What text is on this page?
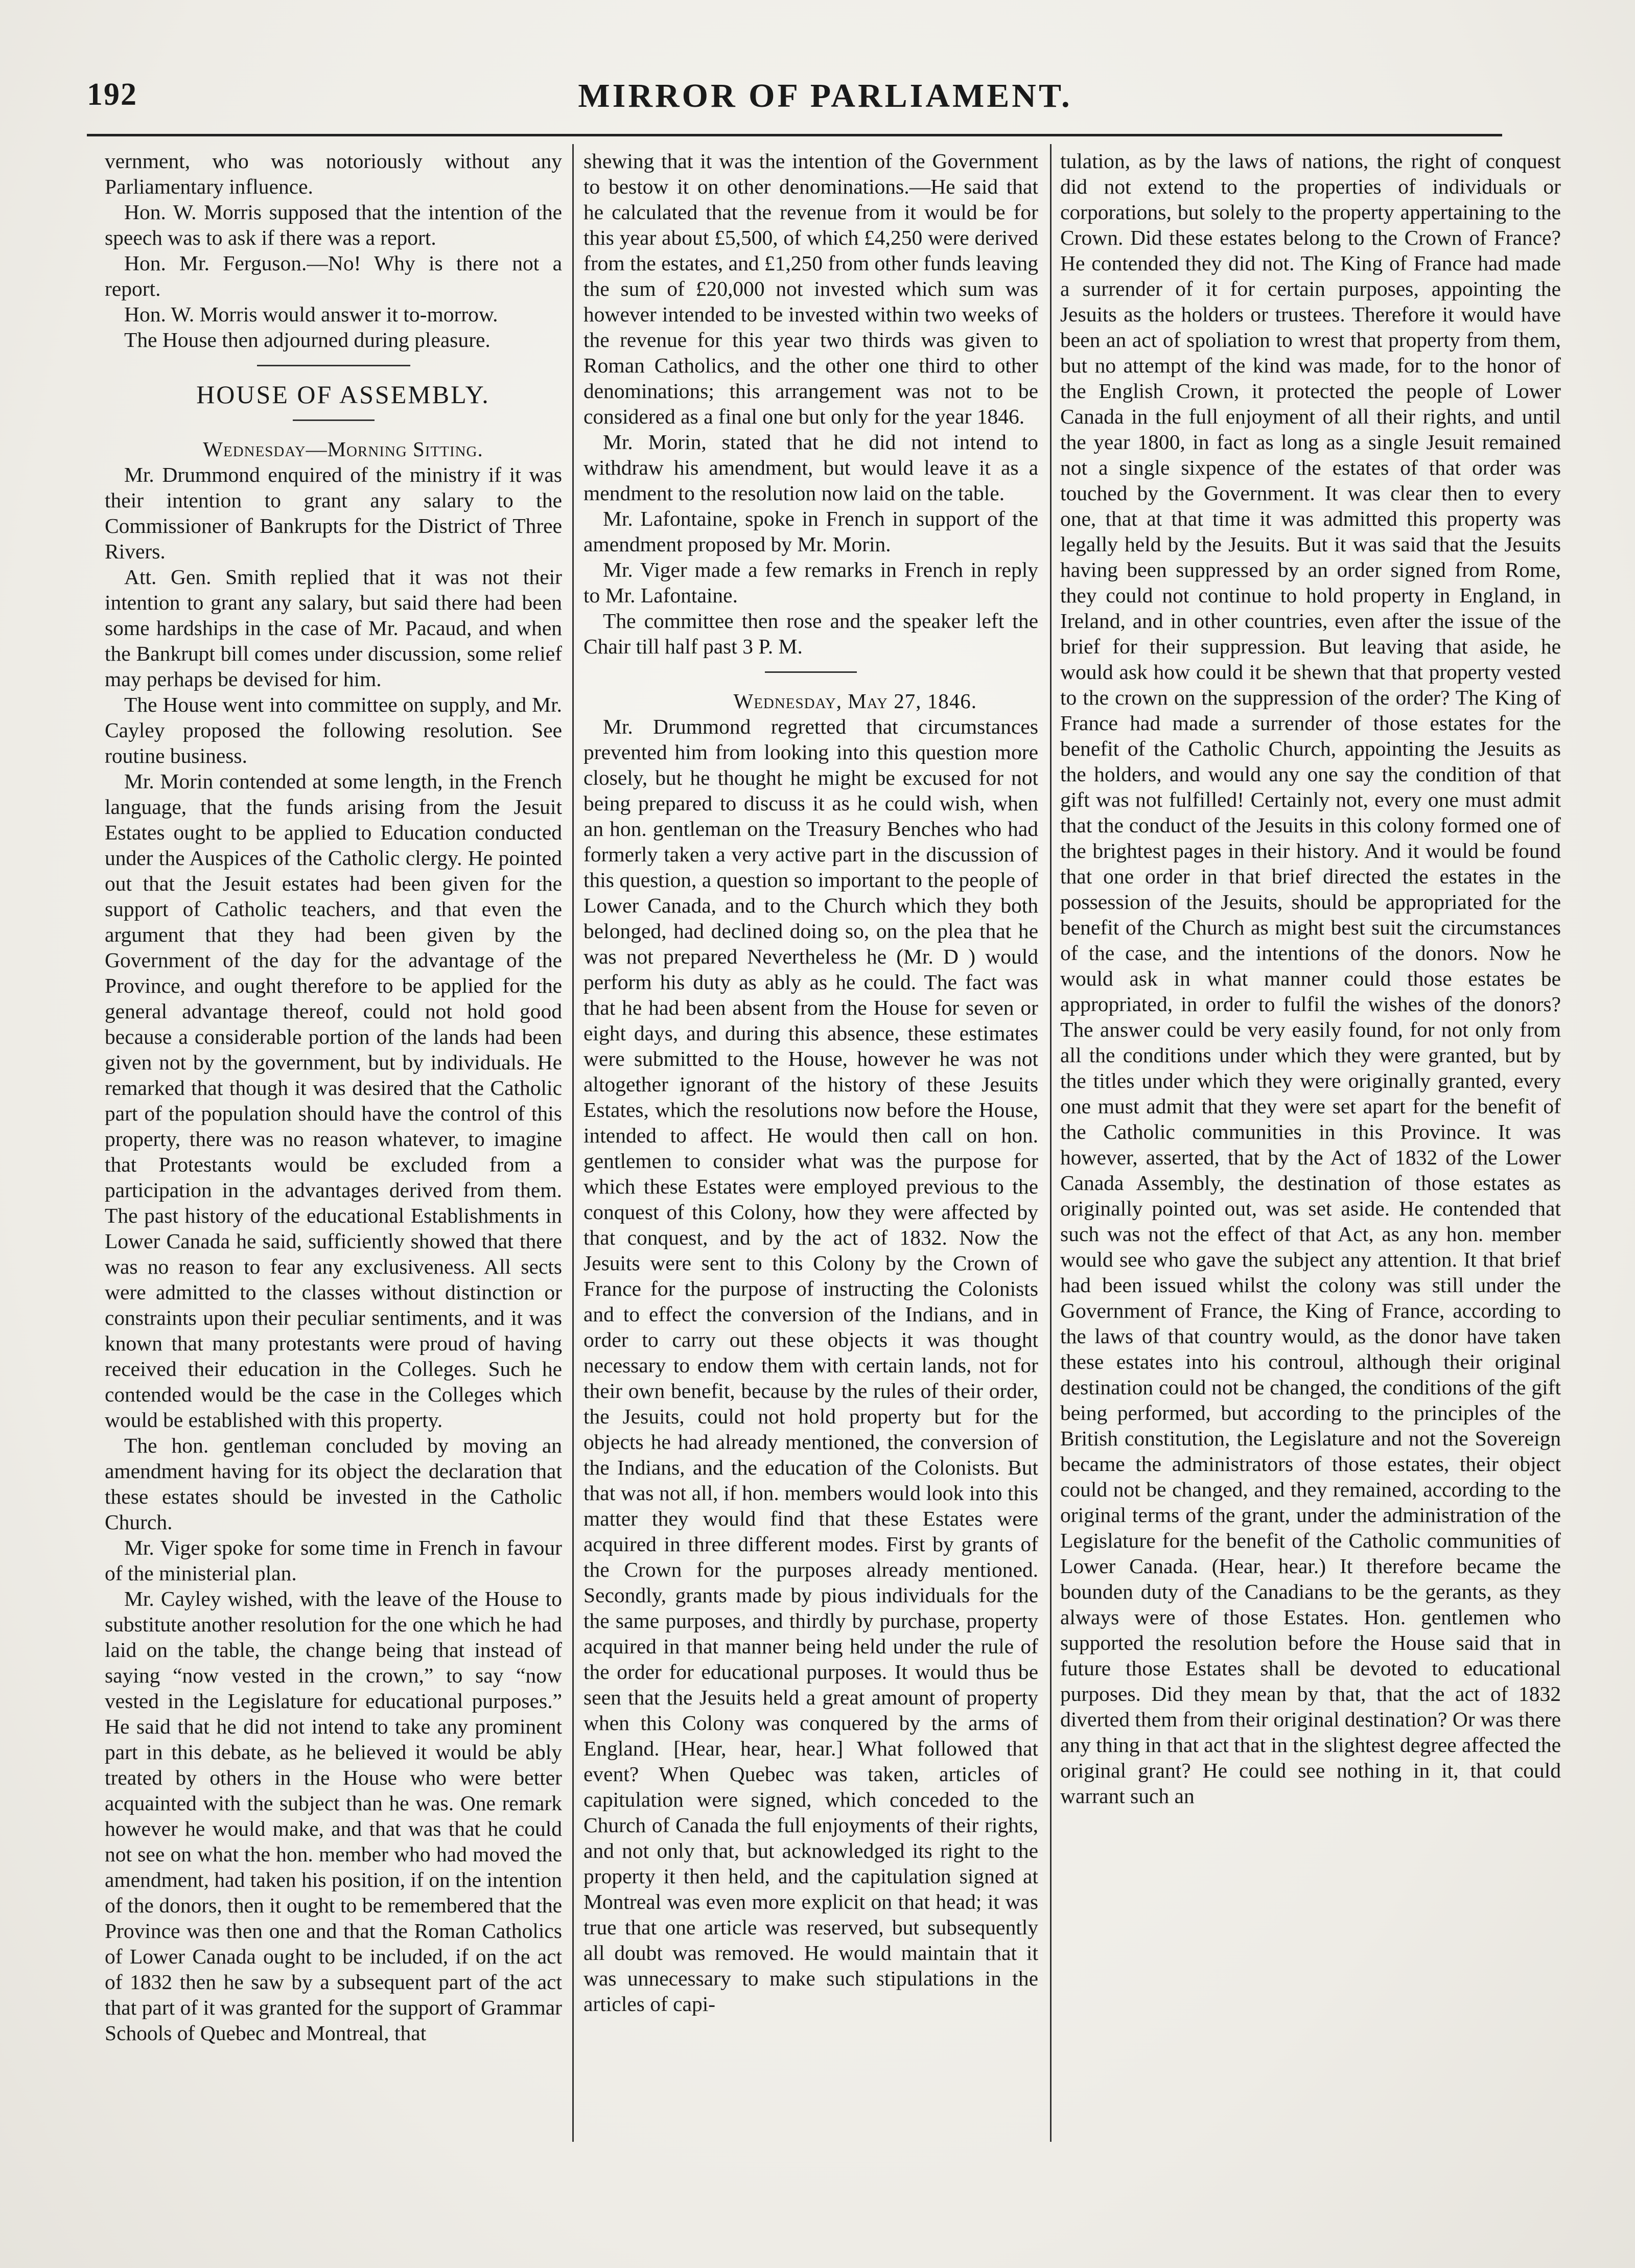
192	MIRROR OF PARLIAMENT.

vernment, who was notoriously without any Parliamentary influence.

Hon. W. Morris supposed that the intention of the speech was to ask if there was a report.

Hon. Mr. Ferguson.—No! Why is there not a report.

Hon. W. Morris would answer it to-morrow.

The House then adjourned during pleasure.

HOUSE OF ASSEMBLY.

Wednesday—Morning Sitting.

Mr. Drummond enquired of the ministry if it was their intention to grant any salary to the Commissioner of Bankrupts for the District of Three Rivers.

Att. Gen. Smith replied that it was not their intention to grant any salary, but said there had been some hardships in the case of Mr. Pacaud, and when the Bankrupt bill comes under discussion, some relief may perhaps be devised for him.

The House went into committee on supply, and Mr. Cayley proposed the following resolution. See routine business.

Mr. Morin contended at some length, in the French language, that the funds arising from the Jesuit Estates ought to be applied to Education conducted under the Auspices of the Catholic clergy. He pointed out that the Jesuit estates had been given for the support of Catholic teachers, and that even the argument that they had been given by the Government of the day for the advantage of the Province, and ought therefore to be applied for the general advantage thereof, could not hold good because a considerable portion of the lands had been given not by the government, but by individuals. He remarked that though it was desired that the Catholic part of the population should have the control of this property, there was no reason whatever, to imagine that Protestants would be excluded from a participation in the advantages derived from them. The past history of the educational Establishments in Lower Canada he said, sufficiently showed that there was no reason to fear any exclusiveness. All sects were admitted to the classes without distinction or constraints upon their peculiar sentiments, and it was known that many protestants were proud of having received their education in the Colleges. Such he contended would be the case in the Colleges which would be established with this property.

The hon. gentleman concluded by moving an amendment having for its object the declaration that these estates should be invested in the Catholic Church.

Mr. Viger spoke for some time in French in favour of the ministerial plan.

Mr. Cayley wished, with the leave of the House to substitute another resolution for the one which he had laid on the table, the change being that instead of saying “now vested in the crown,” to say “now vested in the Legislature for educational purposes.” He said that he did not intend to take any prominent part in this debate, as he believed it would be ably treated by others in the House who were better acquainted with the subject than he was. One remark however he would make, and that was that he could not see on what the hon. member who had moved the amendment, had taken his position, if on the intention of the donors, then it ought to be remembered that the Province was then one and that the Roman Catholics of Lower Canada ought to be included, if on the act of 1832 then he saw by a subsequent part of the act that part of it was granted for the support of Grammar Schools of Quebec and Montreal, that

shewing that it was the intention of the Government to bestow it on other denominations.—He said that he calculated that the revenue from it would be for this year about £5,500, of which £4,250 were derived from the estates, and £1,250 from other funds leaving the sum of £20,000 not invested which sum was however intended to be invested within two weeks of the revenue for this year two thirds was given to Roman Catholics, and the other one third to other denominations; this arrangement was not to be considered as a final one but only for the year 1846.

Mr. Morin, stated that he did not intend to withdraw his amendment, but would leave it as a mendment to the resolution now laid on the table.

Mr. Lafontaine, spoke in French in support of the amendment proposed by Mr. Morin.

Mr. Viger made a few remarks in French in reply to Mr. Lafontaine.

The committee then rose and the speaker left the Chair till half past 3 P. M.

Wednesday, May 27, 1846.

Mr. Drummond regretted that circumstances prevented him from looking into this question more closely, but he thought he might be excused for not being prepared to discuss it as he could wish, when an hon. gentleman on the Treasury Benches who had formerly taken a very active part in the discussion of this question, a question so important to the people of Lower Canada, and to the Church which they both belonged, had declined doing so, on the plea that he was not prepared Nevertheless he (Mr. D ) would perform his duty as ably as he could. The fact was that he had been absent from the House for seven or eight days, and during this absence, these estimates were submitted to the House, however he was not altogether ignorant of the history of these Jesuits Estates, which the resolutions now before the House, intended to affect. He would then call on hon. gentlemen to consider what was the purpose for which these Estates were employed previous to the conquest of this Colony, how they were affected by that conquest, and by the act of 1832. Now the Jesuits were sent to this Colony by the Crown of France for the purpose of instructing the Colonists and to effect the conversion of the Indians, and in order to carry out these objects it was thought necessary to endow them with certain lands, not for their own benefit, because by the rules of their order, the Jesuits, could not hold property but for the objects he had already mentioned, the conversion of the Indians, and the education of the Colonists. But that was not all, if hon. members would look into this matter they would find that these Estates were acquired in three different modes. First by grants of the Crown for the purposes already mentioned. Secondly, grants made by pious individuals for the the same purposes, and thirdly by purchase, property acquired in that manner being held under the rule of the order for educational purposes. It would thus be seen that the Jesuits held a great amount of property when this Colony was conquered by the arms of England. [Hear, hear, hear.] What followed that event? When Quebec was taken, articles of capitulation were signed, which conceded to the Church of Canada the full enjoyments of their rights, and not only that, but acknowledged its right to the property it then held, and the capitulation signed at Montreal was even more explicit on that head; it was true that one article was reserved, but subsequently all doubt was removed. He would maintain that it was unnecessary to make such stipulations in the articles of capi-

tulation, as by the laws of nations, the right of conquest did not extend to the properties of individuals or corporations, but solely to the property appertaining to the Crown. Did these estates belong to the Crown of France? He contended they did not. The King of France had made a surrender of it for certain purposes, appointing the Jesuits as the holders or trustees. Therefore it would have been an act of spoliation to wrest that property from them, but no attempt of the kind was made, for to the honor of the English Crown, it protected the people of Lower Canada in the full enjoyment of all their rights, and until the year 1800, in fact as long as a single Jesuit remained not a single sixpence of the estates of that order was touched by the Government. It was clear then to every one, that at that time it was admitted this property was legally held by the Jesuits. But it was said that the Jesuits having been suppressed by an order signed from Rome, they could not continue to hold property in England, in Ireland, and in other countries, even after the issue of the brief for their suppression. But leaving that aside, he would ask how could it be shewn that that property vested to the crown on the suppression of the order? The King of France had made a surrender of those estates for the benefit of the Catholic Church, appointing the Jesuits as the holders, and would any one say the condition of that gift was not fulfilled! Certainly not, every one must admit that the conduct of the Jesuits in this colony formed one of the brightest pages in their history. And it would be found that one order in that brief directed the estates in the possession of the Jesuits, should be appropriated for the benefit of the Church as might best suit the circumstances of the case, and the intentions of the donors. Now he would ask in what manner could those estates be appropriated, in order to fulfil the wishes of the donors? The answer could be very easily found, for not only from all the conditions under which they were granted, but by the titles under which they were originally granted, every one must admit that they were set apart for the benefit of the Catholic communities in this Province. It was however, asserted, that by the Act of 1832 of the Lower Canada Assembly, the destination of those estates as originally pointed out, was set aside. He contended that such was not the effect of that Act, as any hon. member would see who gave the subject any attention. It that brief had been issued whilst the colony was still under the Government of France, the King of France, according to the laws of that country would, as the donor have taken these estates into his controul, although their original destination could not be changed, the conditions of the gift being performed, but according to the principles of the British constitution, the Legislature and not the Sovereign became the administrators of those estates, their object could not be changed, and they remained, according to the original terms of the grant, under the administration of the Legislature for the benefit of the Catholic communities of Lower Canada. (Hear, hear.) It therefore became the bounden duty of the Canadians to be the gerants, as they always were of those Estates. Hon. gentlemen who supported the resolution before the House said that in future those Estates shall be devoted to educational purposes. Did they mean by that, that the act of 1832 diverted them from their original destination? Or was there any thing in that act that in the slightest degree affected the original grant? He could see nothing in it, that could warrant such an
